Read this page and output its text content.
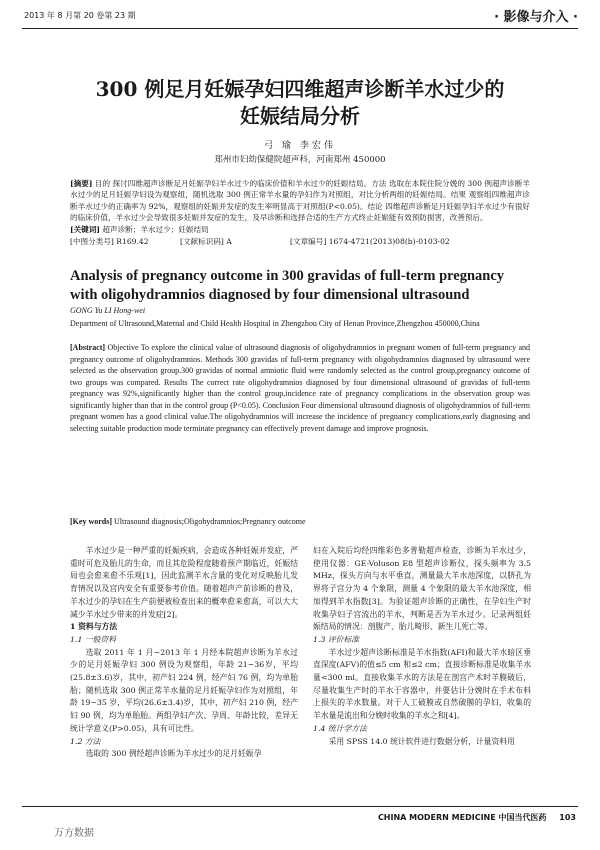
2013 年 8 月第 20 卷第 23 期	· 影像与介入 ·
300 例足月妊娠孕妇四维超声诊断羊水过少的
妊娠结局分析
弓 瑜 李宏伟
郑州市妇幼保健院超声科，河南郑州 450000
[摘要] 目的 探讨四维超声诊断足月妊娠孕妇羊水过少的临床价值和羊水过少的妊娠结局。方法 选取在本院住院分娩的 300 例超声诊断羊水过少的足月妊娠孕妇设为观察组，随机选取 300 例正常羊水量的孕妇作为对照组，对比分析两组的妊娠结局。结果 观察组四维超声诊断羊水过少的正确率为 92%，观察组的妊娠并发症的发生率明显高于对照组(P<0.05)。结论 四维超声诊断足月妊娠孕妇羊水过少有很好的临床价值，羊水过少会导致很多妊娠并发症的发生，及早诊断和选择合适的生产方式终止妊娠能有效预防损害，改善预后。
[关键词] 超声诊断；羊水过少；妊娠结局
[中图分类号] R169.42	[文献标识码] A	[文章编号] 1674-4721(2013)08(b)-0103-02
Analysis of pregnancy outcome in 300 gravidas of full-term pregnancy
with oligohydramnios diagnosed by four dimensional ultrasound
GONG Yu LI Hong-wei
Department of Ultrasound,Maternal and Child Health Hospital in Zhengzhou City of Henan Province,Zhengzhou 450000,China
[Abstract] Objective To explore the clinical value of ultrasound diagnosis of oligohydramnios in pregnant women of full-term pregnancy and pregnancy outcome of oligohydramnios. Methods 300 gravidas of full-term pregnancy with oligohydramnios diagnosed by ultrasound were selected as the observation group.300 gravidas of normal amniotic fluid were randomly selected as the control group,pregnancy outcome of two groups was compared. Results The correct rate oligohydramnios diagnosed by four dimensional ultrasound of gravidas of full-term pregnancy was 92%,significantly higher than the control group,incidence rate of pregnancy complications in the observation group was significantly higher than that in the control group (P<0.05). Conclusion Four dimensional ultrasound diagnosis of oligohydramnios of full-term pregnant women has a good clinical value.The oligohydramnios will increase the incidence of pregnancy complications,early diagnosing and selecting suitable production mode terminate pregnancy can effectively prevent damage and improve prognosis.
[Key words] Ultrasound diagnosis;Oligohydramnios;Pregnancy outcome

羊水过少是一种严重的妊娠疾病，会造成各种妊娠并发症，严重时可危及胎儿的生命，而且其危险程度随着预产期临近，妊娠结局也会愈来愈不乐观[1]，因此监测羊水含量的变化对反映胎儿发育情况以及宫内安全有重要参考价值。随着超声产前诊断的普及，羊水过少的孕妇在生产前便被检查出来的概率愈来愈高，可以大大减少羊水过少带来的并发症[2]。

1 资料与方法

1.1 一般资料

选取 2011 年 1 月~2013 年 1 月经本院超声诊断为羊水过少的足月妊娠孕妇 300 例设为观察组，年龄 21~36岁，平均(25.8±3.6)岁，其中，初产妇 224 例，经产妇 76 例，均为单胎胎；随机选取 300 例正常羊水量的足月妊娠孕妇作为对照组，年龄 19~35 岁，平均(26.6±3.4)岁，其中，初产妇 210 例，经产妇 90 例，均为单胎胎。两组孕妇产次、孕周、年龄比较，差异无统计学意义(P>0.05)，具有可比性。

1.2 方法

选取的 300 例经超声诊断为羊水过少的足月妊娠孕

妇在入院后均经四维彩色多普勒超声检查，诊断为羊水过少，使用仪器：GE-Voluson E8 型超声诊断仪，探头频率为 3.5 MHz，探头方向与水平垂直，测量最大羊水池深度，以脐孔为界将子宫分为 4 个象限，测量 4 个象限的最大羊水池深度，相加得到羊水指数[3]。为验证超声诊断的正确性，在孕妇生产时收集孕妇子宫流出的羊水，判断是否为羊水过少。记录两组妊娠结局的情况：剖腹产、胎儿畸形、新生儿死亡等。

1.3 评价标准

羊水过少超声诊断标准是羊水指数(AFI)和最大羊水暗区垂直深度(AFV)的值≤5 cm 和≤2 cm；直接诊断标准是收集羊水量<300 ml。直接收集羊水的方法是在剖宫产术时羊膜破后，尽量收集生产时的羊水于容器中，并要估计分娩时在手术布料上损失的羊水数量。对于人工破膜或自然破膜的孕妇，收集的羊水量是流出和分娩时收集的羊水之和[4]。

1.4 统计学方法

采用 SPSS 14.0 统计软件进行数据分析，计量资料用

CHINA MODERN MEDICINE 中国当代医药 103
万方数据
